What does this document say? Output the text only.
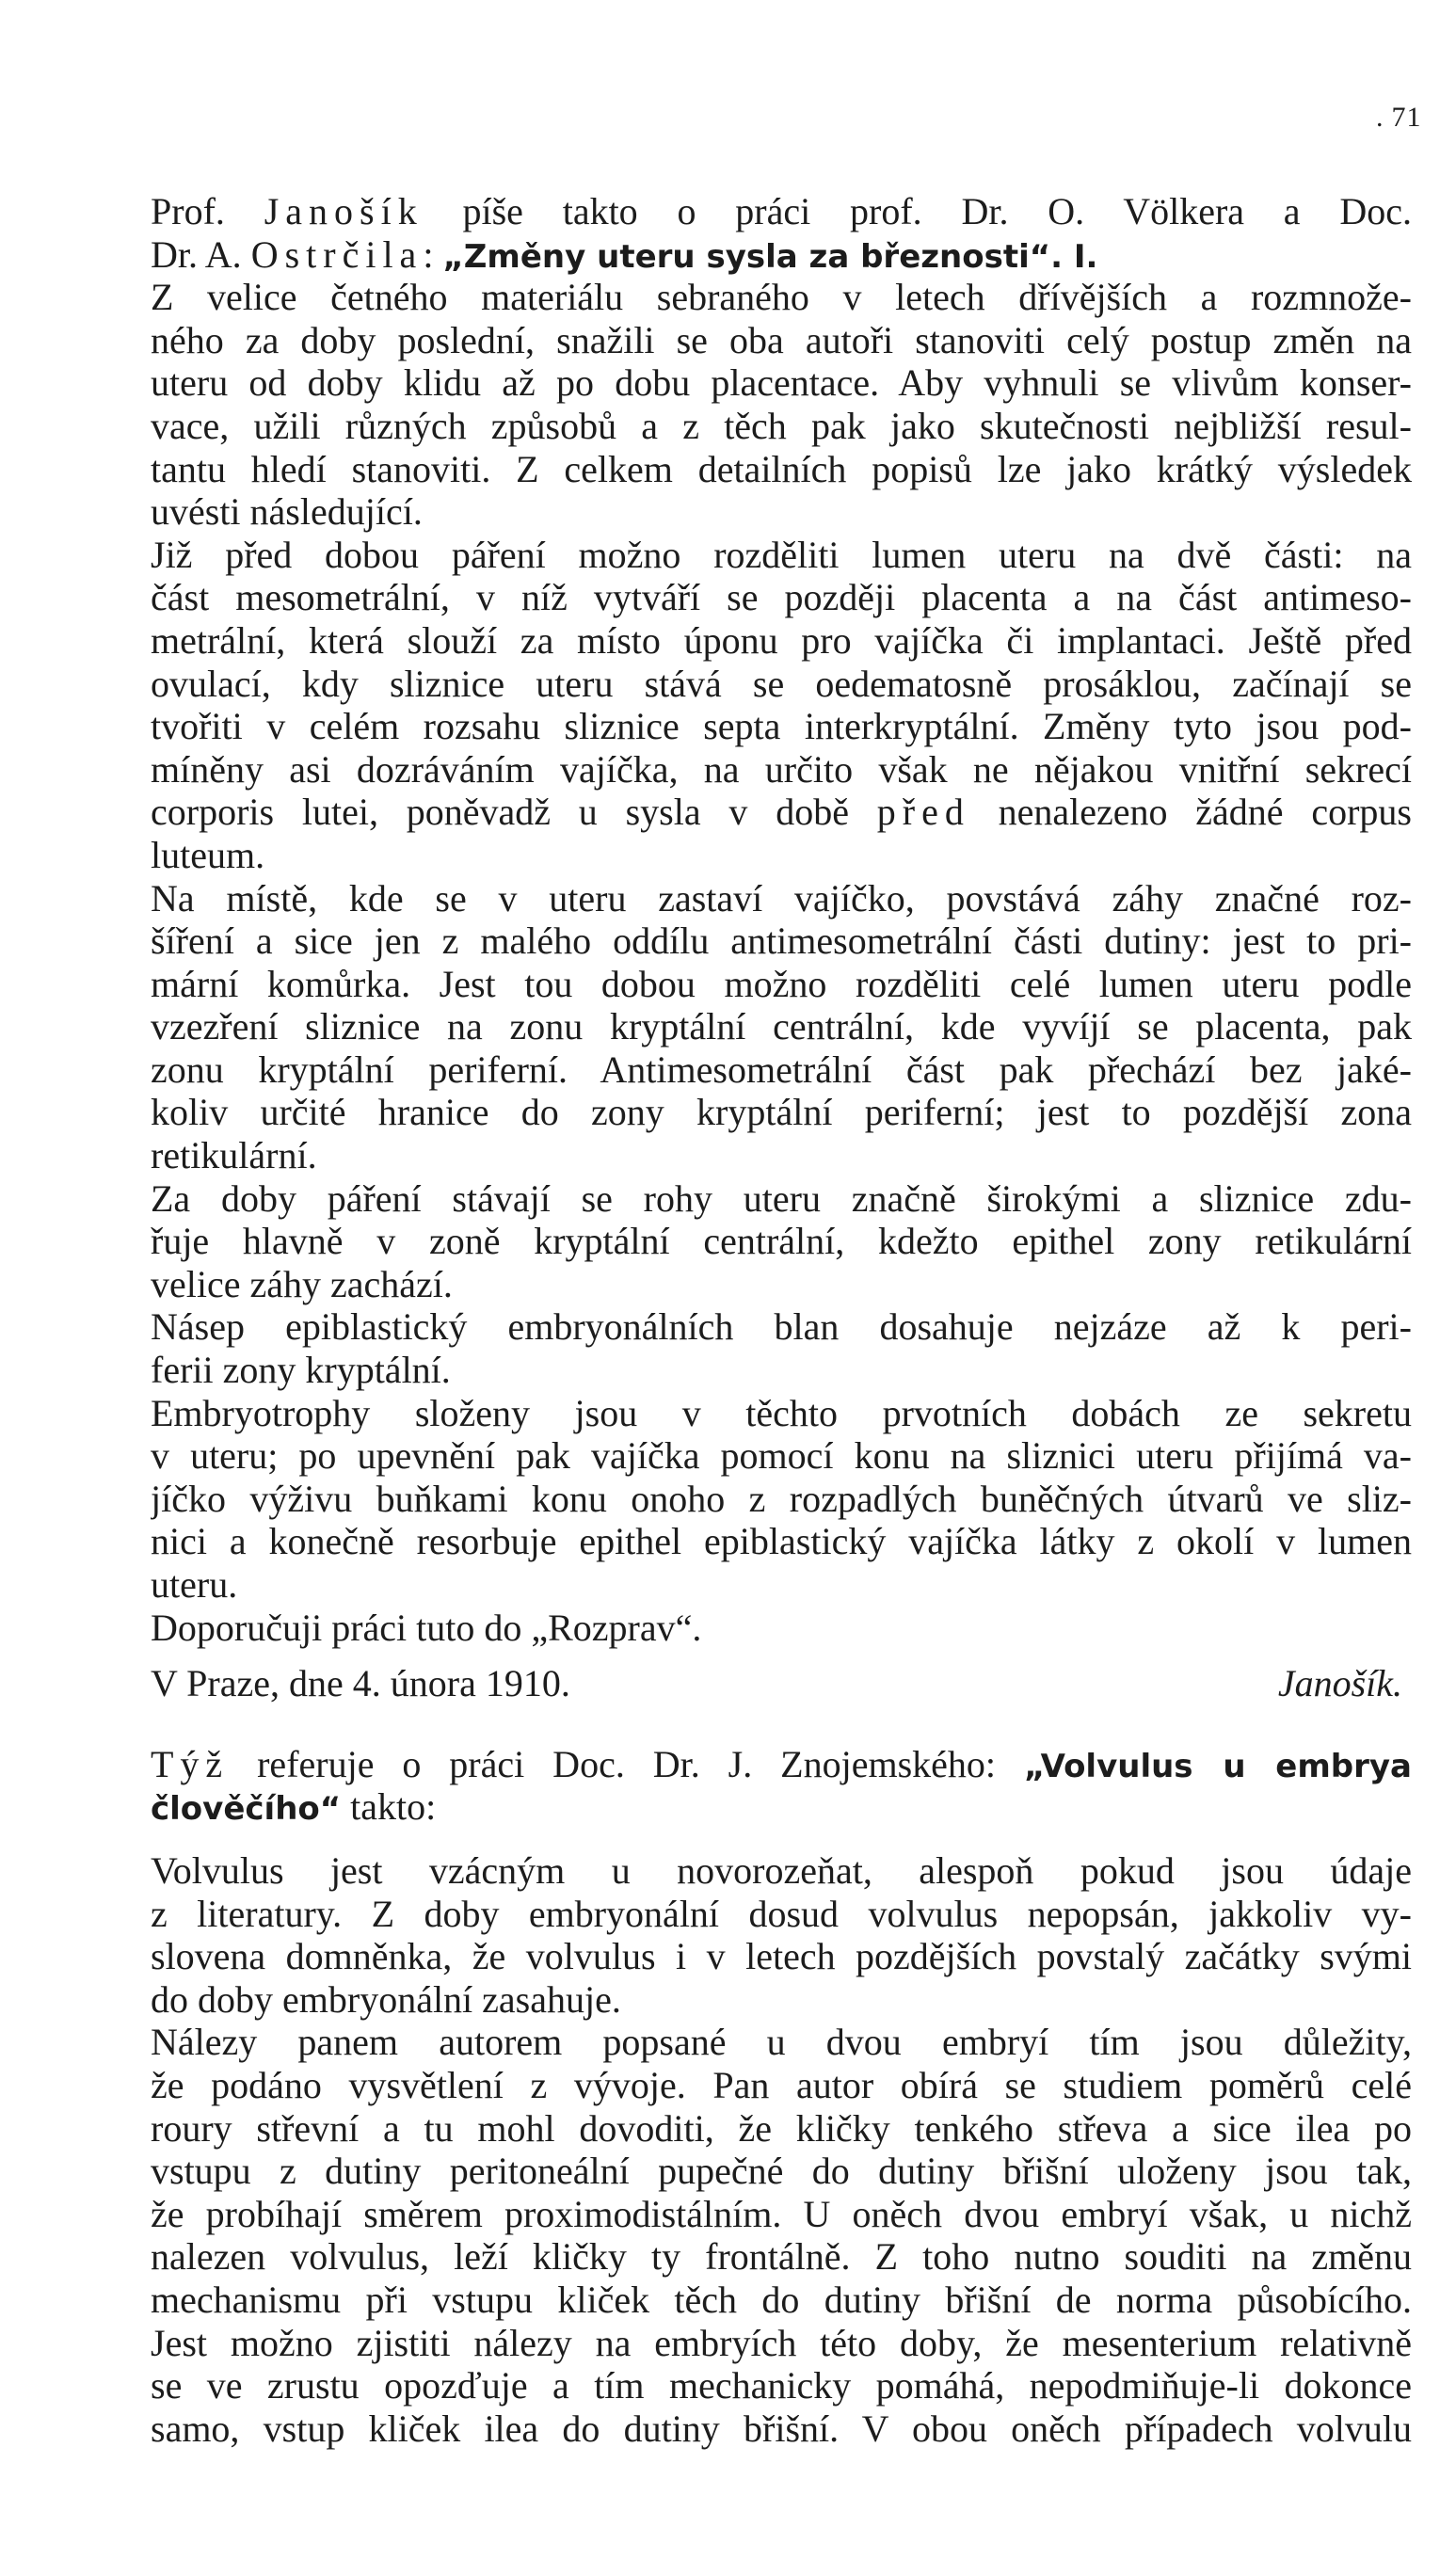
. 71
Prof. Janošík píše takto o práci prof. Dr. O. Völkera a Doc.
Dr. A. Ostrčila: „Změny uteru sysla za březnosti“. I.
Z velice četného materiálu sebraného v letech dřívějších a rozmnože-
ného za doby poslední, snažili se oba autoři stanoviti celý postup změn na
uteru od doby klidu až po dobu placentace. Aby vyhnuli se vlivům konser-
vace, užili různých způsobů a z těch pak jako skutečnosti nejbližší resul-
tantu hledí stanoviti. Z celkem detailních popisů lze jako krátký výsledek
uvésti následující.
Již před dobou páření možno rozděliti lumen uteru na dvě části: na
část mesometrální, v níž vytváří se později placenta a na část antimeso-
metrální, která slouží za místo úponu pro vajíčka či implantaci. Ještě před
ovulací, kdy sliznice uteru stává se oedematosně prosáklou, začínají se
tvořiti v celém rozsahu sliznice septa interkryptální. Změny tyto jsou pod-
míněny asi dozráváním vajíčka, na určito však ne nějakou vnitřní sekrecí
corporis lutei, poněvadž u sysla v době před nenalezeno žádné corpus
luteum.
Na místě, kde se v uteru zastaví vajíčko, povstává záhy značné roz-
šíření a sice jen z malého oddílu antimesometrální části dutiny: jest to pri-
mární komůrka. Jest tou dobou možno rozděliti celé lumen uteru podle
vzezření sliznice na zonu kryptální centrální, kde vyvíjí se placenta, pak
zonu kryptální periferní. Antimesometrální část pak přechází bez jaké-
koliv určité hranice do zony kryptální periferní; jest to pozdější zona
retikulární.
Za doby páření stávají se rohy uteru značně širokými a sliznice zdu-
řuje hlavně v zoně kryptální centrální, kdežto epithel zony retikulární
velice záhy zachází.
Násep epiblastický embryonálních blan dosahuje nejzáze až k peri-
ferii zony kryptální.
Embryotrophy složeny jsou v těchto prvotních dobách ze sekretu
v uteru; po upevnění pak vajíčka pomocí konu na sliznici uteru přijímá va-
jíčko výživu buňkami konu onoho z rozpadlých buněčných útvarů ve sliz-
nici a konečně resorbuje epithel epiblastický vajíčka látky z okolí v lumen
uteru.
Doporučuji práci tuto do „Rozprav“.
V Praze, dne 4. února 1910.	Janošík.
Týž referuje o práci Doc. Dr. J. Znojemského: „Volvulus u embrya
člověčího“ takto:
Volvulus jest vzácným u novorozeňat, alespoň pokud jsou údaje
z literatury. Z doby embryonální dosud volvulus nepopsán, jakkoliv vy-
slovena domněnka, že volvulus i v letech pozdějších povstalý začátky svými
do doby embryonální zasahuje.
Nálezy panem autorem popsané u dvou embryí tím jsou důležity,
že podáno vysvětlení z vývoje. Pan autor obírá se studiem poměrů celé
roury střevní a tu mohl dovoditi, že kličky tenkého střeva a sice ilea po
vstupu z dutiny peritoneální pupečné do dutiny břišní uloženy jsou tak,
že probíhají směrem proximodistálním. U oněch dvou embryí však, u nichž
nalezen volvulus, leží kličky ty frontálně. Z toho nutno souditi na změnu
mechanismu při vstupu kliček těch do dutiny břišní de norma působícího.
Jest možno zjistiti nálezy na embryích této doby, že mesenterium relativně
se ve zrustu opozďuje a tím mechanicky pomáhá, nepodmiňuje-li dokonce
samo, vstup kliček ilea do dutiny břišní. V obou oněch případech volvulu
